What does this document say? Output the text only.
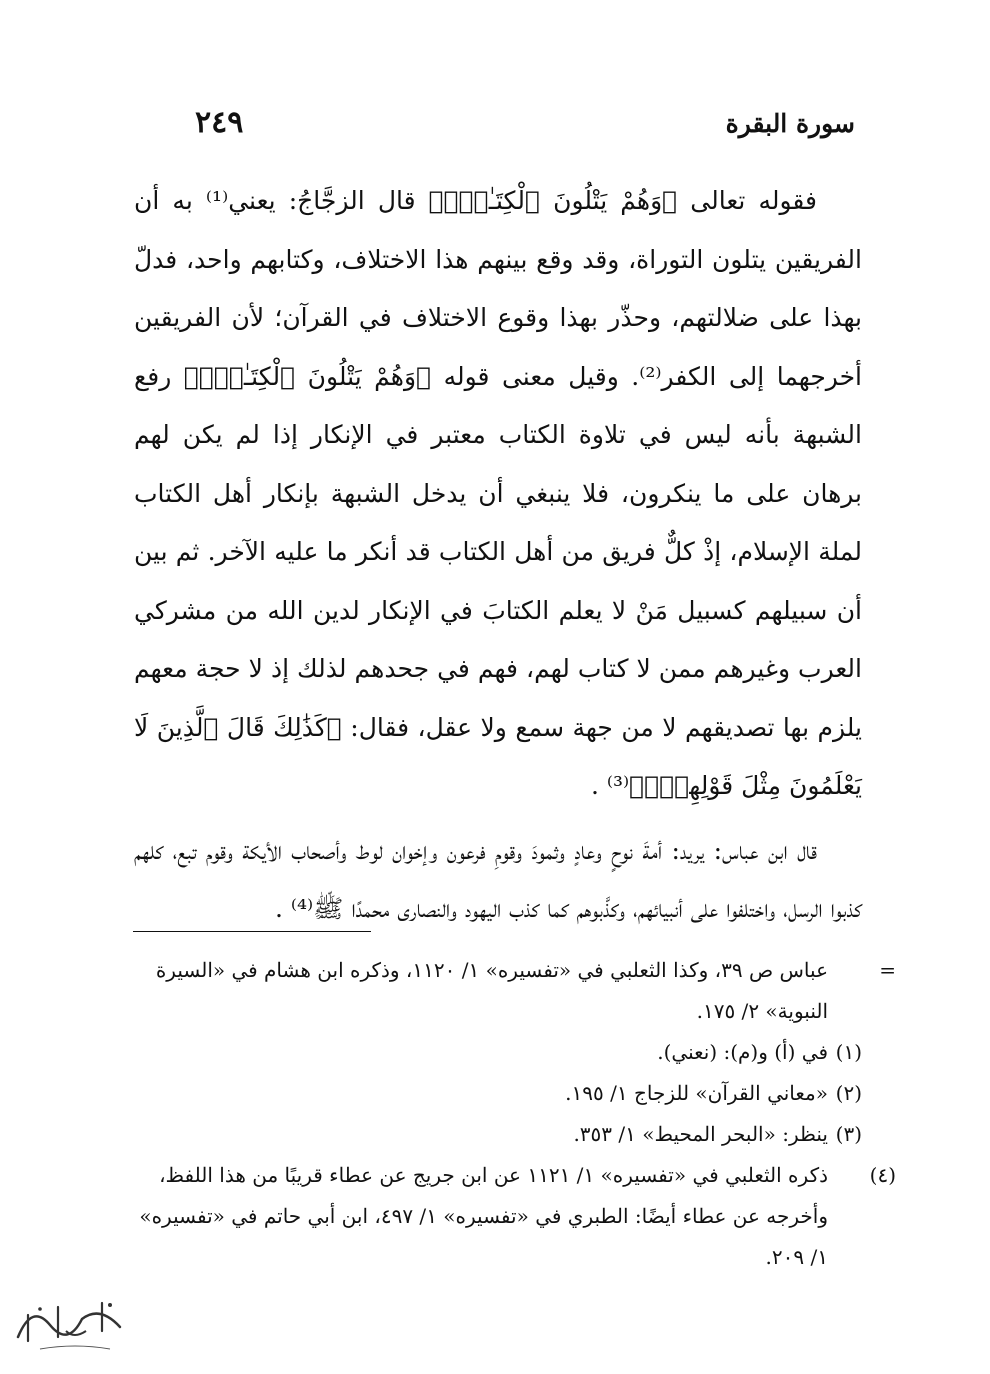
سورة البقرة
٢٤٩

فقوله تعالى ﴿وَهُمْ يَتْلُونَ ٱلْكِتَـٰبَۗ﴾ قال الزجَّاجُ: يعني⁽¹⁾ به أن الفريقين يتلون التوراة، وقد وقع بينهم هذا الاختلاف، وكتابهم واحد، فدلّ بهذا على ضلالتهم، وحذّر بهذا وقوع الاختلاف في القرآن؛ لأن الفريقين أخرجهما إلى الكفر⁽²⁾. وقيل معنى قوله ﴿وَهُمْ يَتْلُونَ ٱلْكِتَـٰبَۗ﴾ رفع الشبهة بأنه ليس في تلاوة الكتاب معتبر في الإنكار إذا لم يكن لهم برهان على ما ينكرون، فلا ينبغي أن يدخل الشبهة بإنكار أهل الكتاب لملة الإسلام، إذْ كلٌّ فريق من أهل الكتاب قد أنكر ما عليه الآخر. ثم بين أن سبيلهم كسبيل مَنْ لا يعلم الكتابَ في الإنكار لدين الله من مشركي العرب وغيرهم ممن لا كتاب لهم، فهم في جحدهم لذلك إذ لا حجة معهم يلزم بها تصديقهم لا من جهة سمع ولا عقل، فقال: ﴿كَذَٰلِكَ قَالَ ٱلَّذِينَ لَا يَعْلَمُونَ مِثْلَ قَوْلِهِمْۚ﴾⁽³⁾ .

قال ابن عباس: يريد: أمةَ نوحٍ وعادٍ وثمودَ وقومِ فرعون وإخوان لوط وأصحاب الأيكة وقوم تبع، كلهم كذبوا الرسل، واختلفوا على أنبيائهم، وكذَّبوهم كما كذب اليهود والنصارى محمدًا ﷺ⁽⁴⁾ .

=عباس ص ٣٩، وكذا الثعلبي في «تفسيره» ١/ ١١٢٠، وذكره ابن هشام في «السيرة النبوية» ٢/ ١٧٥.

(١)في (أ) و(م): (نعني).

(٢)«معاني القرآن» للزجاج ١/ ١٩٥.

(٣)ينظر: «البحر المحيط» ١/ ٣٥٣.

(٤)ذكره الثعلبي في «تفسيره» ١/ ١١٢١ عن ابن جريج عن عطاء قريبًا من هذا اللفظ، وأخرجه عن عطاء أيضًا: الطبري في «تفسيره» ١/ ٤٩٧، ابن أبي حاتم في «تفسيره» ١/ ٢٠٩.
